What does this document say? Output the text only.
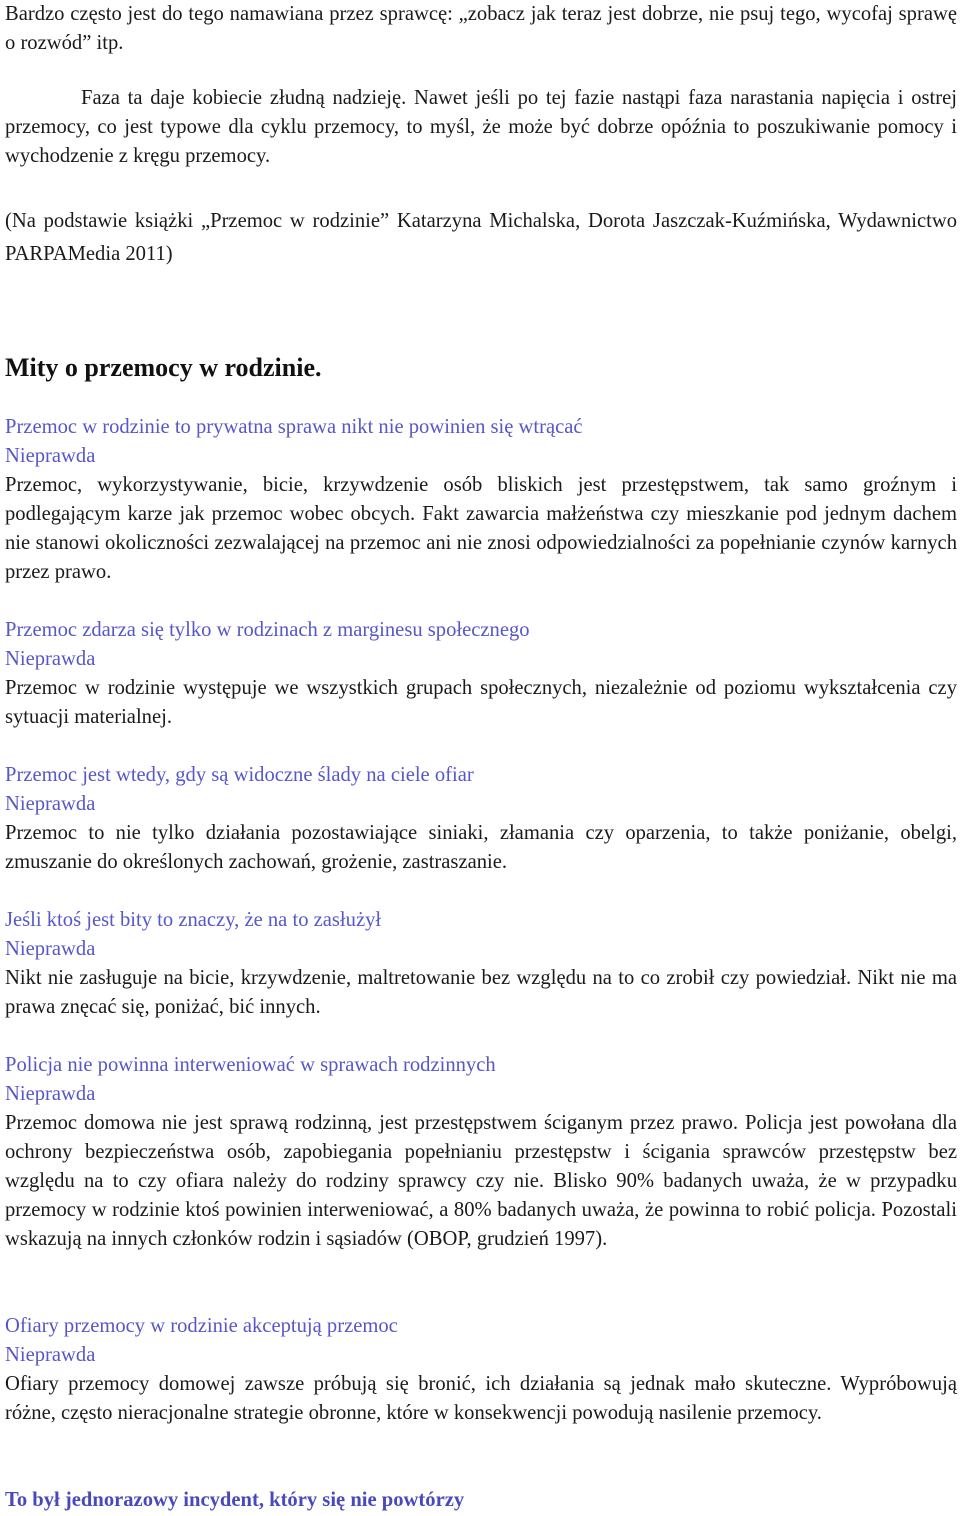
Bardzo często jest do tego namawiana przez sprawcę: „zobacz jak teraz jest dobrze, nie psuj tego, wycofaj sprawę o rozwód” itp.

Faza ta daje kobiecie złudną nadzieję. Nawet jeśli po tej fazie nastąpi faza narastania napięcia i ostrej przemocy, co jest typowe dla cyklu przemocy, to myśl, że może być dobrze opóźnia to poszukiwanie pomocy i wychodzenie z kręgu przemocy.

(Na podstawie książki „Przemoc w rodzinie” Katarzyna Michalska, Dorota Jaszczak-Kuźmińska, Wydawnictwo PARPAMedia 2011)

Mity o przemocy w rodzinie.

Przemoc w rodzinie to prywatna sprawa nikt nie powinien się wtrącać

Nieprawda

Przemoc, wykorzystywanie, bicie, krzywdzenie osób bliskich jest przestępstwem, tak samo groźnym i podlegającym karze jak przemoc wobec obcych. Fakt zawarcia małżeństwa czy mieszkanie pod jednym dachem nie stanowi okoliczności zezwalającej na przemoc ani nie znosi odpowiedzialności za popełnianie czynów karnych przez prawo.

Przemoc zdarza się tylko w rodzinach z marginesu społecznego

Nieprawda

Przemoc w rodzinie występuje we wszystkich grupach społecznych, niezależnie od poziomu wykształcenia czy sytuacji materialnej.

Przemoc jest wtedy, gdy są widoczne ślady na ciele ofiar

Nieprawda

Przemoc to nie tylko działania pozostawiające siniaki, złamania czy oparzenia, to także poniżanie, obelgi, zmuszanie do określonych zachowań, grożenie, zastraszanie.

Jeśli ktoś jest bity to znaczy, że na to zasłużył

Nieprawda

Nikt nie zasługuje na bicie, krzywdzenie, maltretowanie bez względu na to co zrobił czy powiedział. Nikt nie ma prawa znęcać się, poniżać, bić innych.

Policja nie powinna interweniować w sprawach rodzinnych

Nieprawda

Przemoc domowa nie jest sprawą rodzinną, jest przestępstwem ściganym przez prawo. Policja jest powołana dla ochrony bezpieczeństwa osób, zapobiegania popełnianiu przestępstw i ścigania sprawców przestępstw bez względu na to czy ofiara należy do rodziny sprawcy czy nie. Blisko 90% badanych uważa, że w przypadku przemocy w rodzinie ktoś powinien interweniować, a 80% badanych uważa, że powinna to robić policja. Pozostali wskazują na innych członków rodzin i sąsiadów (OBOP, grudzień 1997).

Ofiary przemocy w rodzinie akceptują przemoc

Nieprawda

Ofiary przemocy domowej zawsze próbują się bronić, ich działania są jednak mało skuteczne. Wypróbowują różne, często nieracjonalne strategie obronne, które w konsekwencji powodują nasilenie przemocy.

To był jednorazowy incydent, który się nie powtórzy
